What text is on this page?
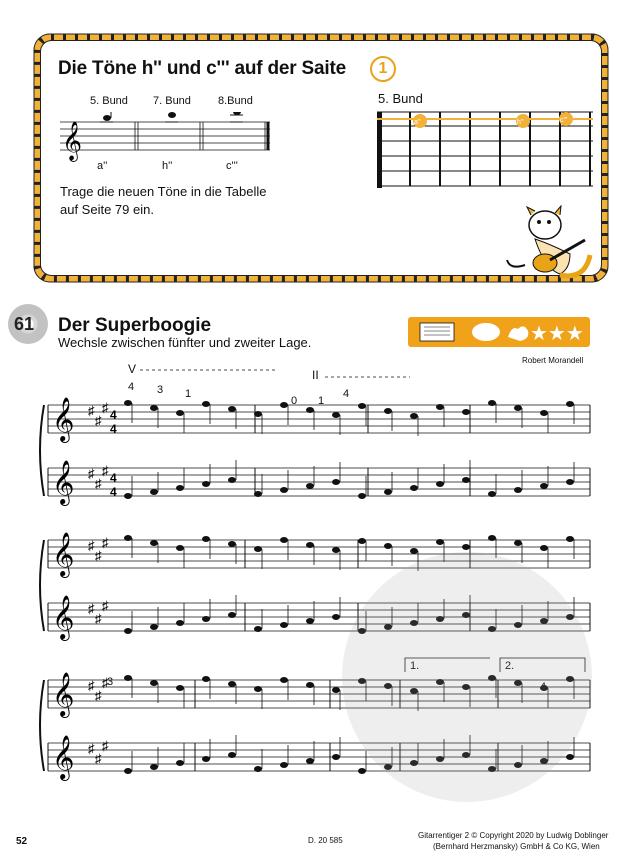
Die Töne h'' und c''' auf der Saite	1
5. Bund 7. Bund 8.Bund
𝄞
a''	h''	c'''
Trage die neuen Töne in die Tabelle
auf Seite 79 ein.
5. Bund
a''	h''	c'''
61 Der Superboogie
Wechsle zwischen fünfter und zweiter Lage.	★★★
Robert Morandell
V	II
4 3 1
0 1
4
3
1.	2.
𝄞 ♯
♯
♯ 4
4
𝄞 ♯
♯
♯ 4
4
𝄞 ♯
♯
♯
𝄞 ♯
♯
♯
𝄞 ♯
♯
♯
𝄞 ♯
♯
♯
52	D. 20 585
Gitarrentiger 2 © Copyright 2020 by Ludwig Doblinger
(Bernhard Herzmansky) GmbH & Co KG, Wien
